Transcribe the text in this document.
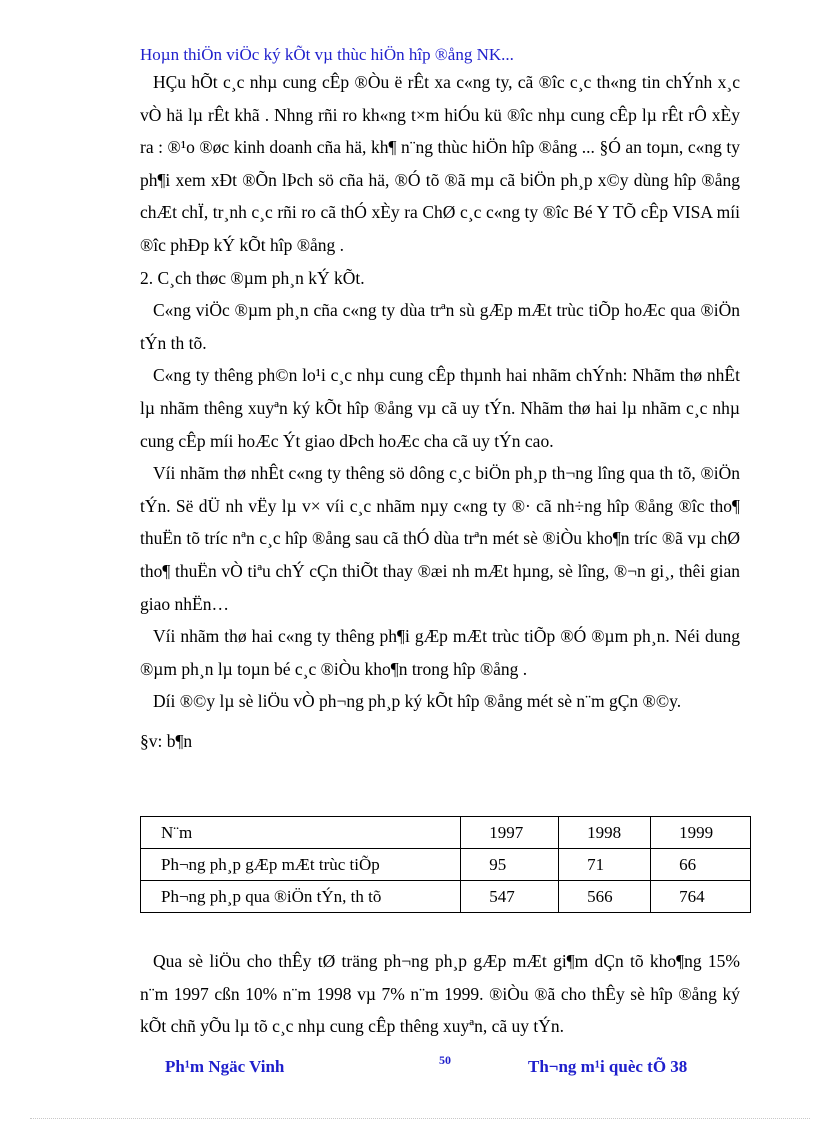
Hoµn thiÖn viÖc ký kÕt vµ thùc hiÖn hîp ®ång NK...

HÇu hÕt c¸c nhµ cung cÊp ®Òu ë rÊt xa c«ng ty, cã ®îc c¸c th«ng tin chÝnh x¸c vÒ hä lµ rÊt khã . Nhng rñi ro kh«ng t×m hiÓu kü ®îc nhµ cung cÊp lµ rÊt rÔ xÈy ra : ®¹o ®øc kinh doanh cña hä, kh¶ n¨ng thùc hiÖn hîp ®ång ... §Ó an toµn, c«ng ty ph¶i xem xÐt ®Õn lÞch sö cña hä, ®Ó tõ ®ã mµ cã biÖn ph¸p x©y dùng hîp ®ång chÆt chÏ, tr¸nh c¸c rñi ro cã thÓ xÈy ra ChØ c¸c c«ng ty ®îc Bé Y TÕ cÊp VISA míi ®îc phÐp kÝ kÕt hîp ®ång .

2. C¸ch thøc ®µm ph¸n kÝ kÕt.

C«ng viÖc ®µm ph¸n cña c«ng ty dùa trªn sù gÆp mÆt trùc tiÕp hoÆc qua ®iÖn tÝn th tõ.

C«ng ty thêng ph©n lo¹i c¸c nhµ cung cÊp thµnh hai nhãm chÝnh: Nhãm thø nhÊt lµ nhãm thêng xuyªn ký kÕt hîp ®ång vµ cã uy tÝn. Nhãm thø hai lµ nhãm c¸c nhµ cung cÊp míi hoÆc Ýt giao dÞch hoÆc cha cã uy tÝn cao.

Víi nhãm thø nhÊt c«ng ty thêng sö dông c¸c biÖn ph¸p th¬ng lîng qua th tõ, ®iÖn tÝn. Së dÜ nh vËy lµ v× víi c¸c nhãm nµy c«ng ty ®· cã nh÷ng hîp ®ång ®îc tho¶ thuËn tõ tríc nªn c¸c hîp ®ång sau cã thÓ dùa trªn mét sè ®iÒu kho¶n tríc ®ã vµ chØ tho¶ thuËn vÒ tiªu chÝ cÇn thiÕt thay ®æi nh mÆt hµng, sè lîng, ®¬n gi¸, thêi gian giao nhËn…

Víi nhãm thø hai c«ng ty thêng ph¶i gÆp mÆt trùc tiÕp ®Ó ®µm ph¸n. Néi dung ®µm ph¸n lµ toµn bé c¸c ®iÒu kho¶n trong hîp ®ång .

Díi ®©y lµ sè liÖu vÒ ph¬ng ph¸p ký kÕt hîp ®ång mét sè n¨m gÇn ®©y.

§v: b¶n

N¨m	1997	1998	1999
Ph¬ng ph¸p gÆp mÆt trùc tiÕp	95	71	66
Ph¬ng ph¸p qua ®iÖn tÝn, th tõ	547	566	764

Qua sè liÖu cho thÊy tØ träng ph¬ng ph¸p gÆp mÆt gi¶m dÇn tõ kho¶ng 15% n¨m 1997 cßn 10% n¨m 1998 vµ 7% n¨m 1999. ®iÒu ®ã cho thÊy sè hîp ®ång ký kÕt chñ yÕu lµ tõ c¸c nhµ cung cÊp thêng xuyªn, cã uy tÝn.

Ph¹m Ngäc Vinh	50	Th¬ng m¹i quèc tÕ 38
